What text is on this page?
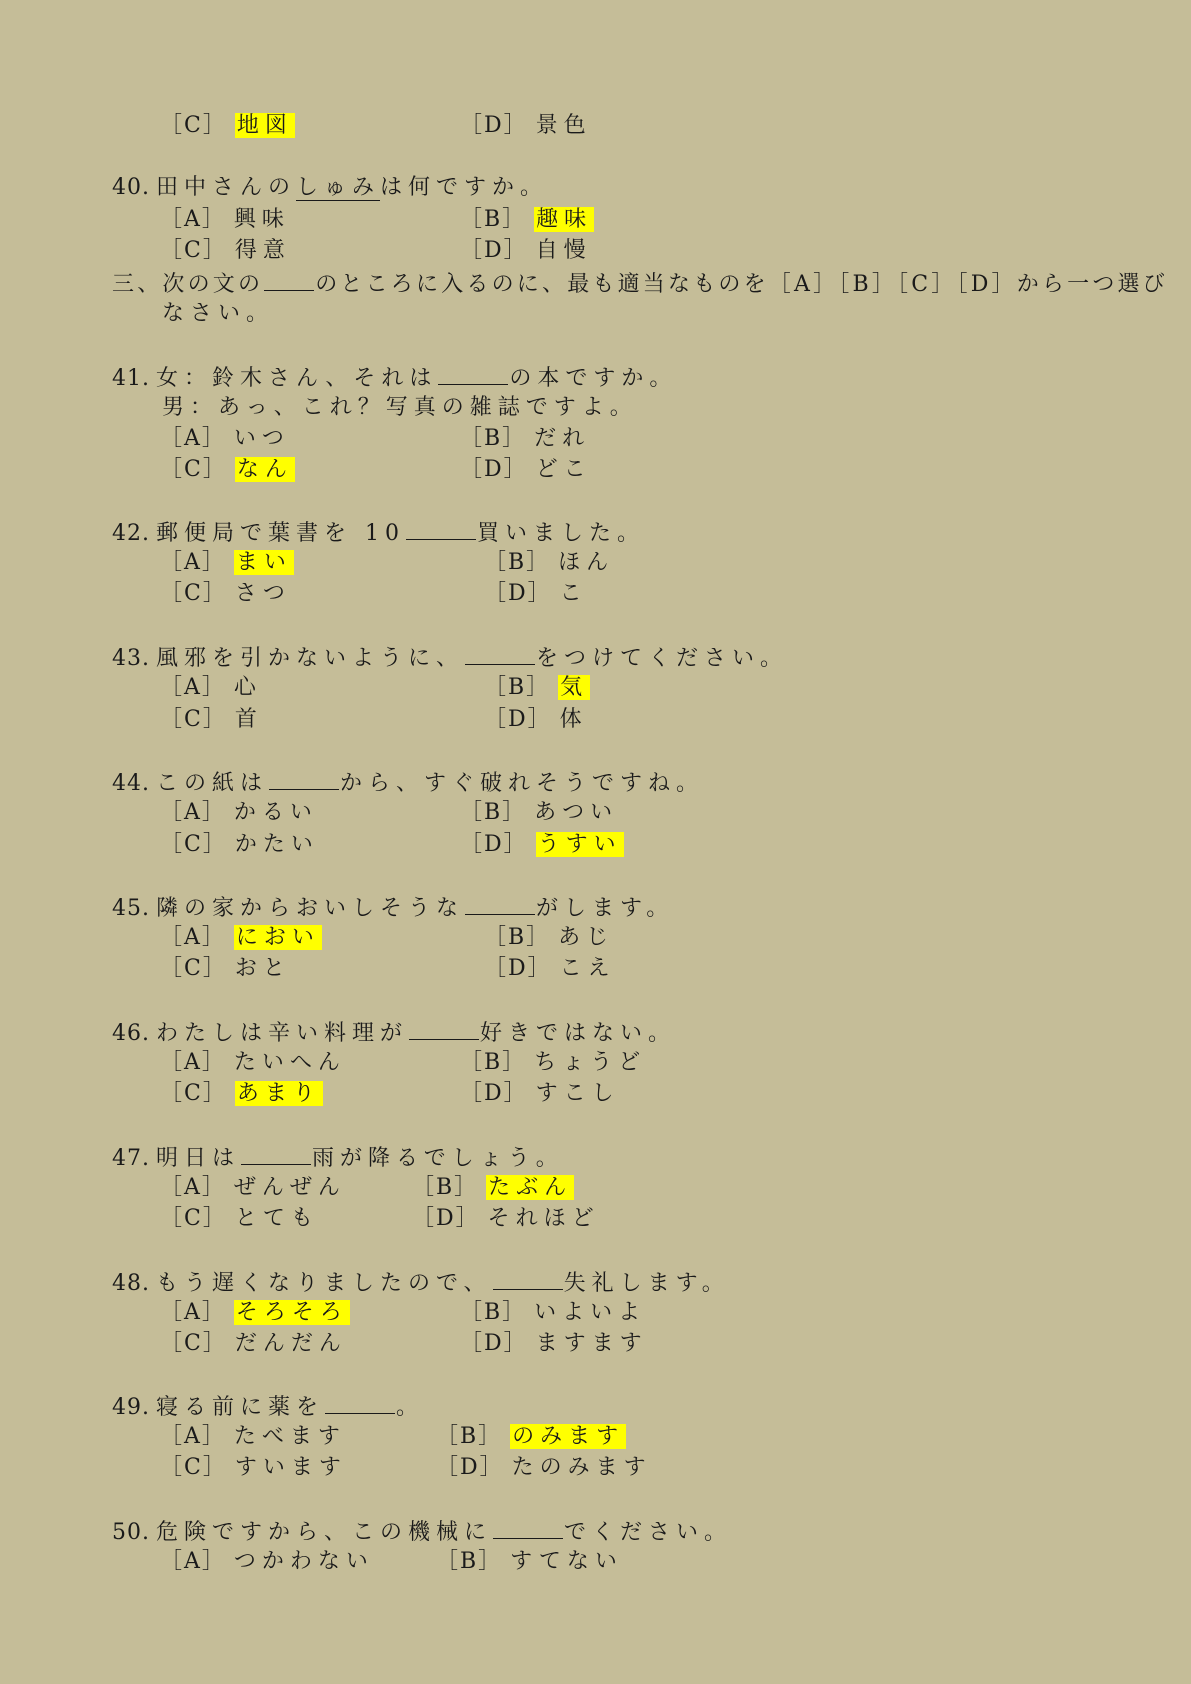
［C］ 地図	［D］ 景色
40. 田中さんのしゅみは何ですか。
［A］ 興味	［B］ 趣味
［C］ 得意	［D］ 自慢
三、次の文の のところに入るのに、最も適当なものを［A］［B］［C］［D］から一つ選び
なさい。
41. 女：鈴木さん、それは	の本ですか。
男：あっ、これ？写真の雑誌ですよ。
［A］ いつ	［B］ だれ
［C］ なん	［D］ どこ
42. 郵便局で葉書を 10	買いました。
［A］ まい	［B］ ほん
［C］ さつ	［D］ こ
43. 風邪を引かないように、	をつけてください。
［A］ 心	［B］ 気
［C］ 首	［D］ 体
44. この紙は	から、すぐ破れそうですね。
［A］ かるい	［B］ あつい
［C］ かたい	［D］ うすい
45. 隣の家からおいしそうな	がします。
［A］ におい	［B］ あじ
［C］ おと	［D］ こえ
46. わたしは辛い料理が	好きではない。
［A］ たいへん	［B］ ちょうど
［C］ あまり	［D］ すこし
47. 明日は	雨が降るでしょう。
［A］ ぜんぜん	［B］ たぶん
［C］ とても	［D］ それほど
48. もう遅くなりましたので、	失礼します。
［A］ そろそろ	［B］ いよいよ
［C］ だんだん	［D］ ますます
49. 寝る前に薬を	。
［A］ たべます	［B］ のみます
［C］ すいます	［D］ たのみます
50. 危険ですから、この機械に	でください。
［A］ つかわない	［B］ すてない
